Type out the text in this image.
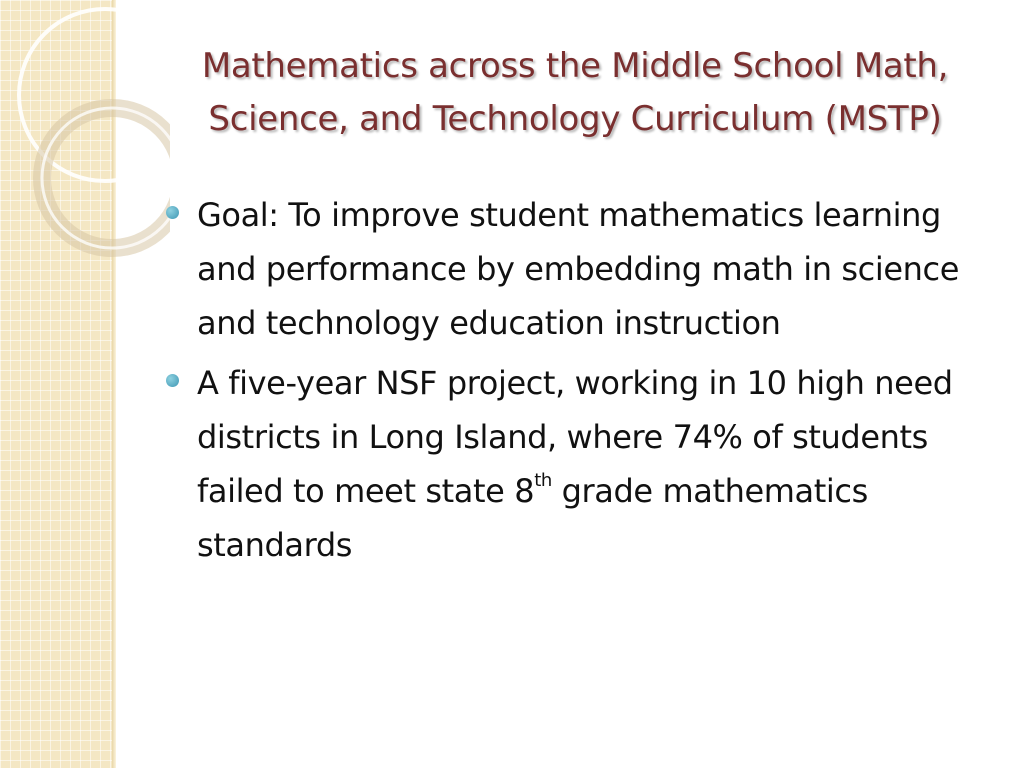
Mathematics across the Middle School Math, Science, and Technology Curriculum (MSTP)
Goal: To improve student mathematics learning and performance by embedding math in science and technology education instruction
A five-year NSF project, working in 10 high need districts in Long Island, where 74% of students failed to meet state 8th grade mathematics standards
